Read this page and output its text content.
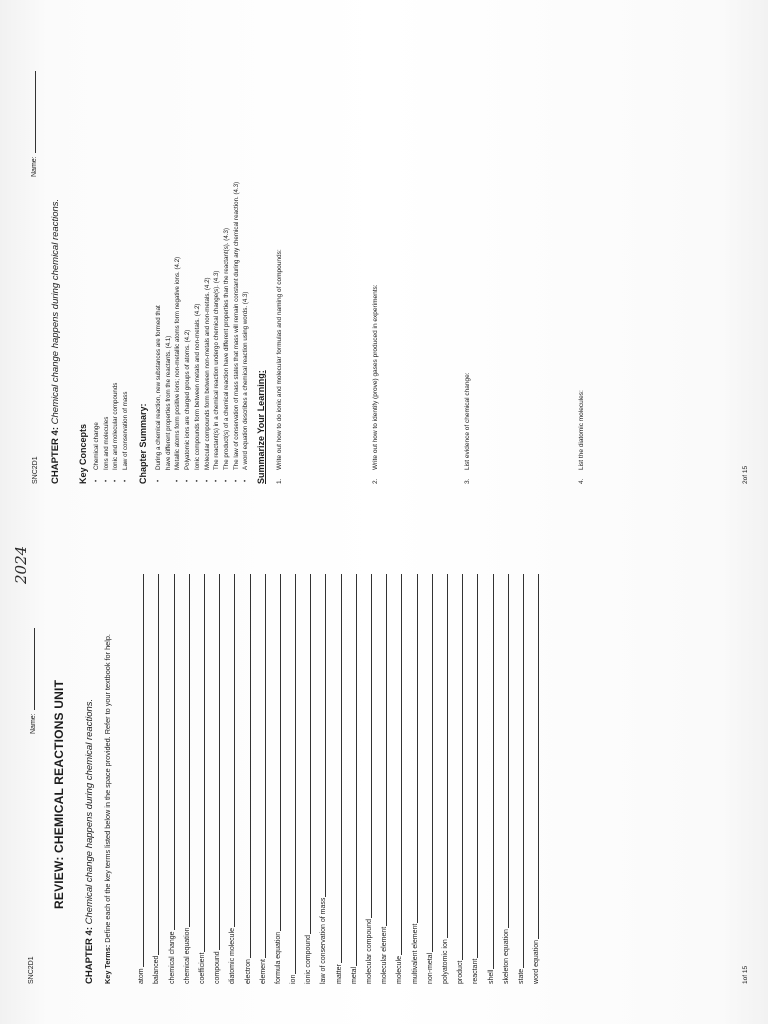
SNC2D1
Name:
2024
REVIEW: CHEMICAL REACTIONS UNIT
CHAPTER 4: Chemical change happens during chemical reactions.
Key Terms: Define each of the key terms listed below in the space provided. Refer to your textbook for help.
atom balanced chemical change chemical equation coefficient compound diatomic molecule electron element formula equation ion ionic compound law of conservation of mass matter metal molecular compound molecular element molecule multivalent element non-metal polyatomic ion product reactant shell skeleton equation state word equation	1of 15
SNC2D1
Name:
CHAPTER 4: Chemical change happens during chemical reactions.
Key Concepts •
Chemical change
•
Ions and molecules
•
Ionic and molecular compounds
•
Law of conservation of mass Chapter Summary: •
During a chemical reaction, new substances are formed that have different properties from the reactants. (4.1)
•
Metallic atoms form positive ions; non-metallic atoms form negative ions. (4.2)
•
Polyatomic ions are charged groups of atoms. (4.2)
•
Ionic compounds form between metals and non-metals. (4.2)
•
Molecular compounds form between non-metals and non-metals. (4.2)
•
The reactant(s) in a chemical reaction undergo chemical change(s). (4.3)
•
The product(s) of a chemical reaction have different properties than the reactant(s). (4.3)
•
The law of conservation of mass states that mass will remain constant during any chemical reaction. (4.3)
•
A word equation describes a chemical reaction using words. (4.3) Summarize Your Learning: 1.Write out how to do ionic and molecular formulas and naming of compounds:
2.Write out how to identify (prove) gases produced in experiments:
3.List evidence of chemical change:
4.List the diatomic molecules:
2of 15
